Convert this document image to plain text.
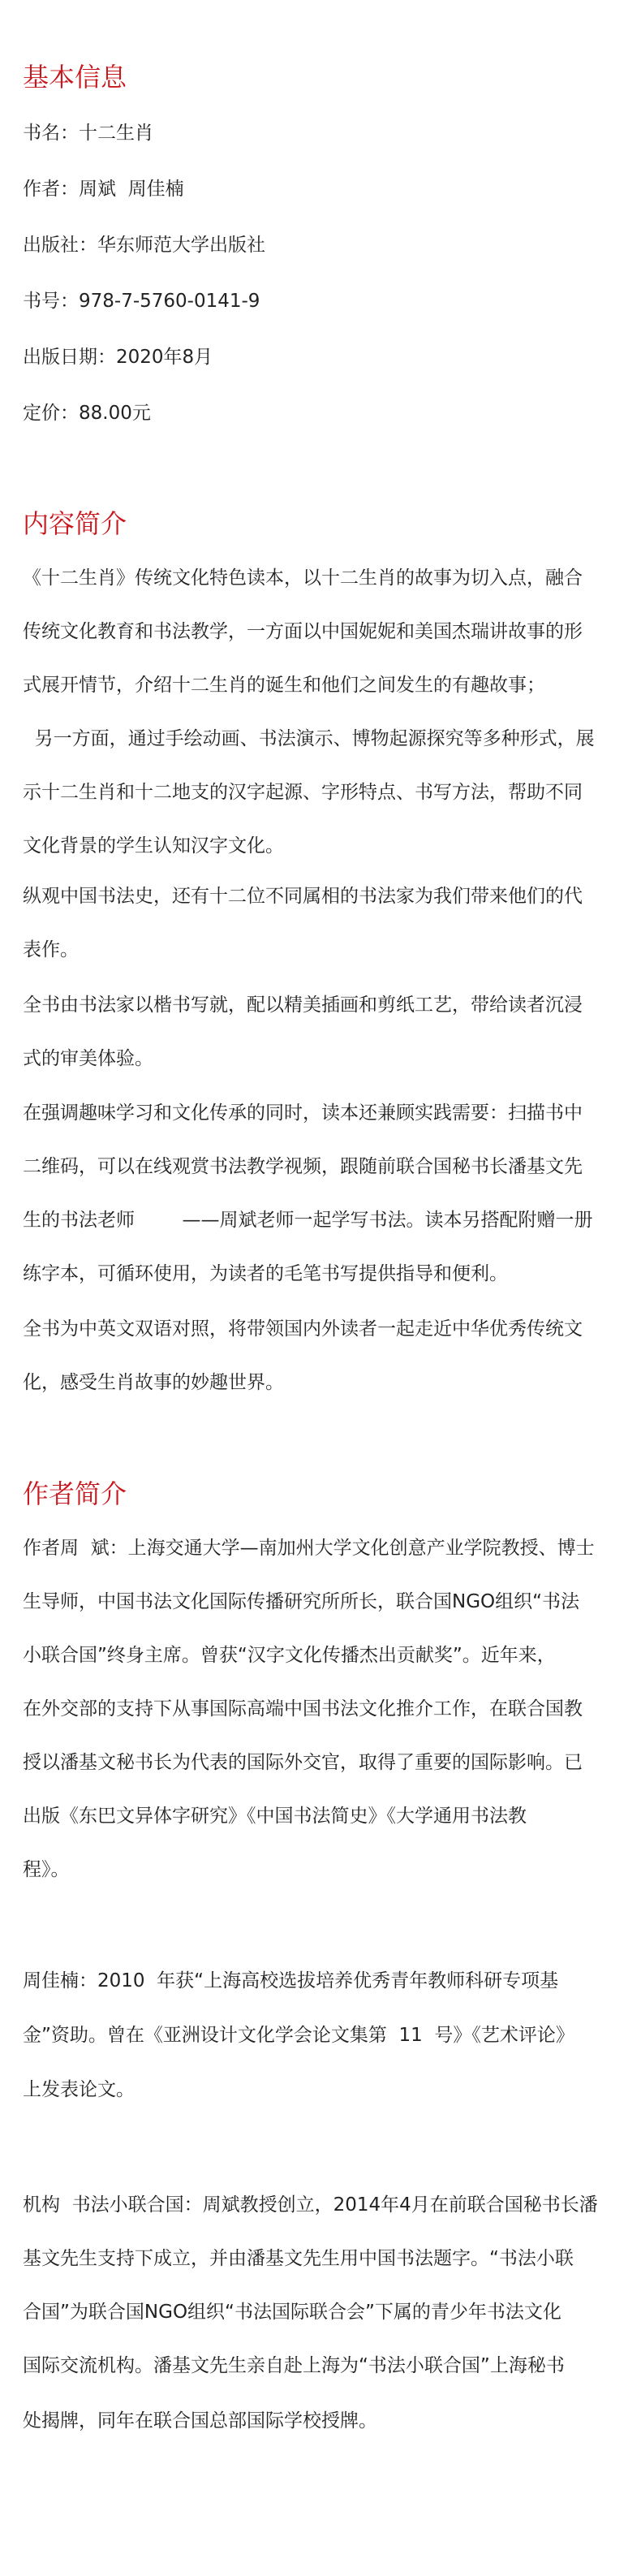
基本信息

书名：十二生肖

作者：周斌  周佳楠

出版社：华东师范大学出版社

书号：978-7-5760-0141-9

出版日期：2020年8月

定价：88.00元

内容简介

《十二生肖》传统文化特色读本，以十二生肖的故事为切入点，融合

传统文化教育和书法教学，一方面以中国妮妮和美国杰瑞讲故事的形

式展开情节，介绍十二生肖的诞生和他们之间发生的有趣故事；

另一方面，通过手绘动画、书法演示、博物起源探究等多种形式，展

示十二生肖和十二地支的汉字起源、字形特点、书写方法，帮助不同

文化背景的学生认知汉字文化。

纵观中国书法史，还有十二位不同属相的书法家为我们带来他们的代

表作。

全书由书法家以楷书写就，配以精美插画和剪纸工艺，带给读者沉浸

式的审美体验。

在强调趣味学习和文化传承的同时，读本还兼顾实践需要：扫描书中

二维码，可以在线观赏书法教学视频，跟随前联合国秘书长潘基文先

生的书法老师        ——周斌老师一起学写书法。读本另搭配附赠一册

练字本，可循环使用，为读者的毛笔书写提供指导和便利。

全书为中英文双语对照，将带领国内外读者一起走近中华优秀传统文

化，感受生肖故事的妙趣世界。

作者简介

作者周  斌：上海交通大学—南加州大学文化创意产业学院教授、博士

生导师，中国书法文化国际传播研究所所长，联合国NGO组织“书法

小联合国”终身主席。曾获“汉字文化传播杰出贡献奖”。近年来，

在外交部的支持下从事国际高端中国书法文化推介工作，在联合国教

授以潘基文秘书长为代表的国际外交官，取得了重要的国际影响。已

出版《东巴文异体字研究》《中国书法简史》《大学通用书法教

程》。

周佳楠：2010  年获“上海高校选拔培养优秀青年教师科研专项基

金”资助。曾在《亚洲设计文化学会论文集第  11  号》《艺术评论》

上发表论文。

机构  书法小联合国：周斌教授创立，2014年4月在前联合国秘书长潘

基文先生支持下成立，并由潘基文先生用中国书法题字。“书法小联

合国”为联合国NGO组织“书法国际联合会”下属的青少年书法文化

国际交流机构。潘基文先生亲自赴上海为“书法小联合国”上海秘书

处揭牌，同年在联合国总部国际学校授牌。
